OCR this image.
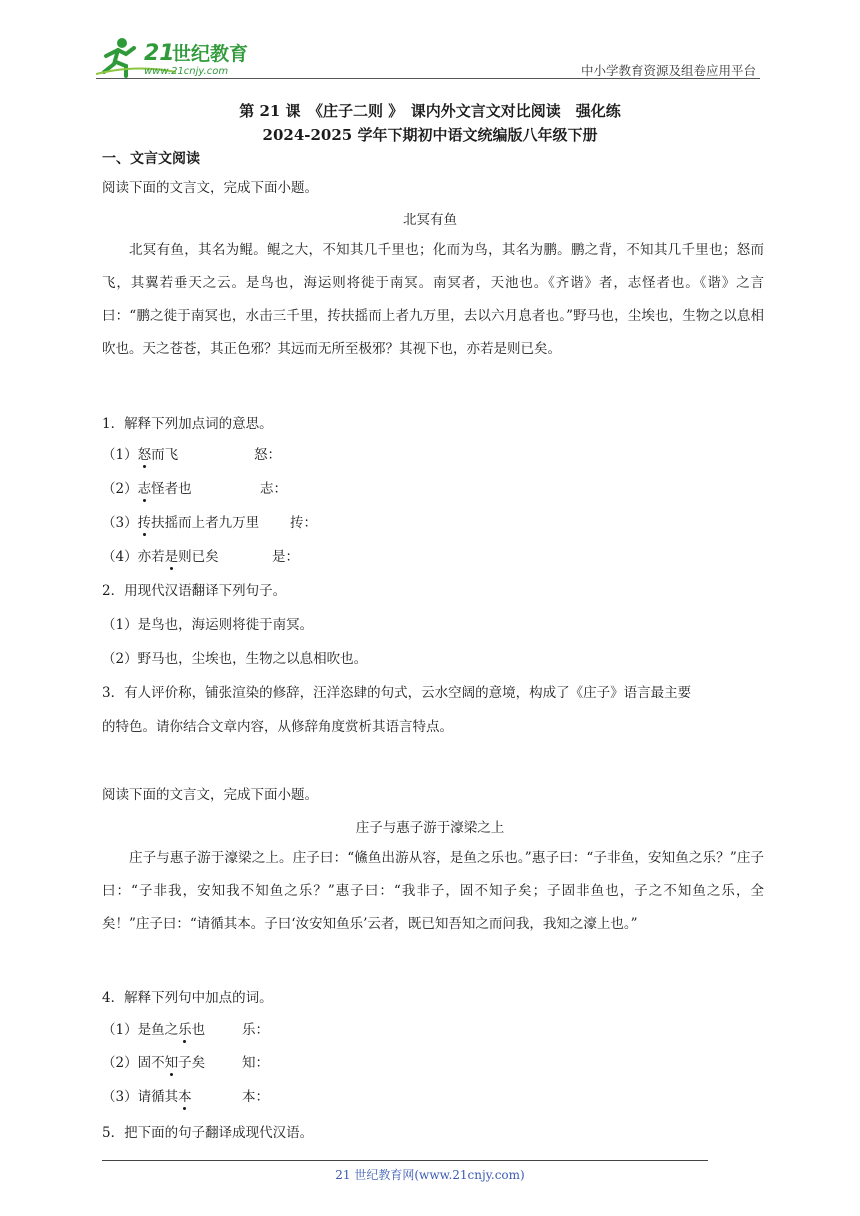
21
世纪教育
www.21cnjy.com	中小学教育资源及组卷应用平台
第 21 课　《庄子二则 》　课内外文言文对比阅读　强化练
2024-2025 学年下期初中语文统编版八年级下册
一、文言文阅读
阅读下面的文言文，完成下面小题。
北冥有鱼

北冥有鱼，其名为鲲。鲲之大，不知其几千里也；化而为鸟，其名为鹏。鹏之背，不知其几千里也；怒而飞，其翼若垂天之云。是鸟也，海运则将徙于南冥。南冥者，天池也。《齐谐》者，志怪者也。《谐》之言曰：“鹏之徙于南冥也，水击三千里，抟扶摇而上者九万里，去以六月息者也。”野马也，尘埃也，生物之以息相吹也。天之苍苍，其正色邪？其远而无所至极邪？其视下也，亦若是则已矣。

1．解释下列加点词的意思。
（1）怒而飞	怒：
（2）志怪者也	志：
（3）抟扶摇而上者九万里 抟：
（4）亦若是则已矣	是：
2．用现代汉语翻译下列句子。
（1）是鸟也，海运则将徙于南冥。
（2）野马也，尘埃也，生物之以息相吹也。
3．有人评价称，铺张渲染的修辞，汪洋恣肆的句式，云水空阔的意境，构成了《庄子》语言最主要
的特色。请你结合文章内容，从修辞角度赏析其语言特点。
阅读下面的文言文，完成下面小题。
庄子与惠子游于濠梁之上

庄子与惠子游于濠梁之上。庄子曰：“鯈鱼出游从容，是鱼之乐也。”惠子曰：“子非鱼，安知鱼之乐？”庄子曰：“子非我，安知我不知鱼之乐？”惠子曰：“我非子，固不知子矣；子固非鱼也，子之不知鱼之乐，全矣！”庄子曰：“请循其本。子曰‘汝安知鱼乐’云者，既已知吾知之而问我，我知之濠上也。”

4．解释下列句中加点的词。
（1）是鱼之乐也	乐：
（2）固不知子矣	知：
（3）请循其本	本：
5．把下面的句子翻译成现代汉语。
21 世纪教育网(www.21cnjy.com)
